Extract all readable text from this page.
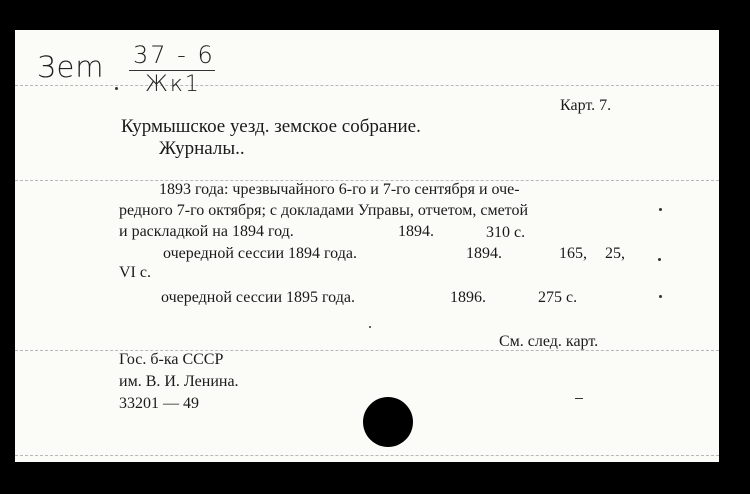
Зem 37 - 6
Жк1
Карт. 7.
Курмышское уезд. земское собрание.
Журналы..
1893 года: чрезвычайного 6-го и 7-го сентября и оче-
редного 7-го октября; с докладами Управы, отчетом, сметой
и раскладкой на 1894 год.	1894.	310 с.
очередной сессии 1894 года.	1894.	165, 25,
VI с.
очередной сессии 1895 года.	1896.	275 с.
См. след. карт.
Гос. б-ка СССР
им. В. И. Ленина.
33201 — 49
